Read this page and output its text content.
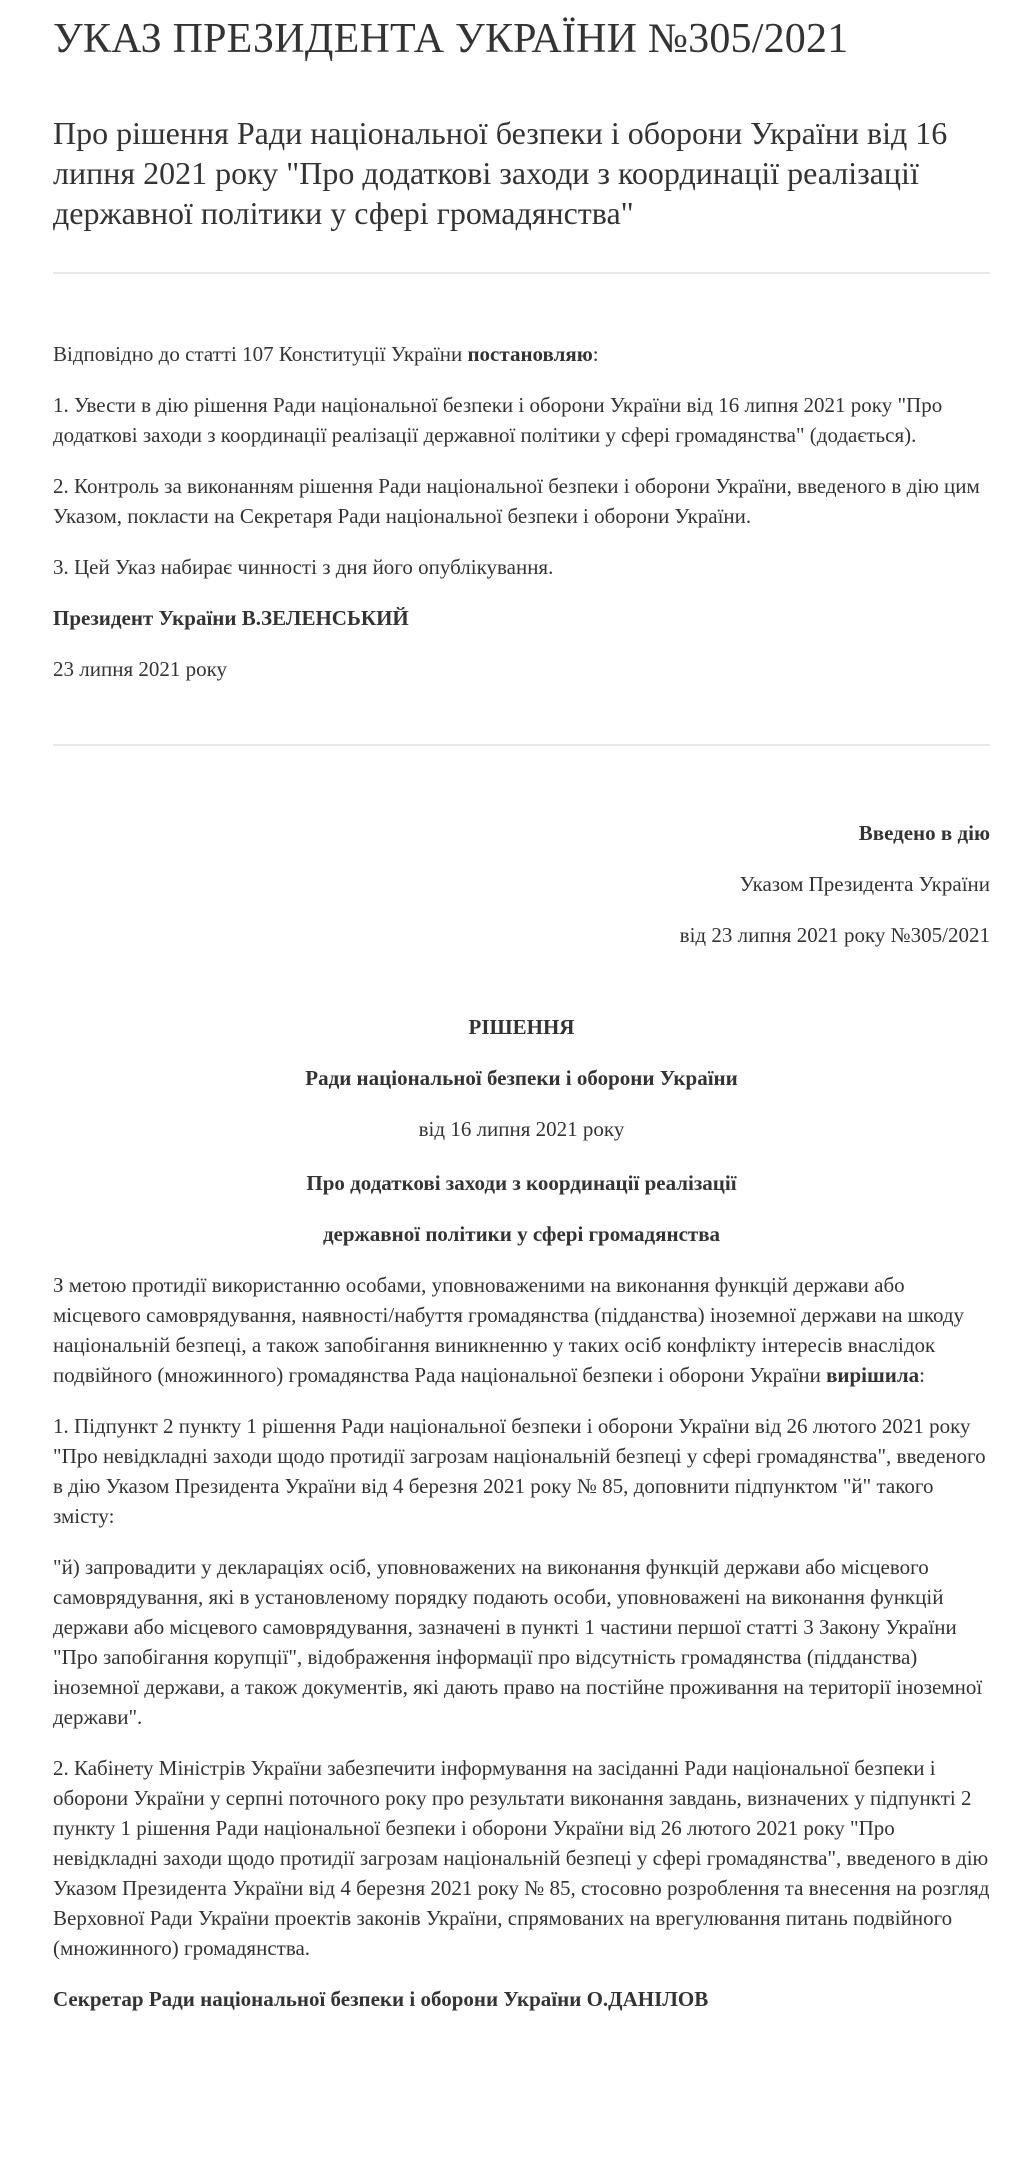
УКАЗ ПРЕЗИДЕНТА УКРАЇНИ №305/2021
Про рішення Ради національної безпеки і оборони України від 16 липня 2021 року "Про додаткові заходи з координації реалізації державної політики у сфері громадянства"

Відповідно до статті 107 Конституції України постановляю:

1. Увести в дію рішення Ради національної безпеки і оборони України від 16 липня 2021 року "Про додаткові заходи з координації реалізації державної політики у сфері громадянства" (додається).

2. Контроль за виконанням рішення Ради національної безпеки і оборони України, введеного в дію цим Указом, покласти на Секретаря Ради національної безпеки і оборони України.

3. Цей Указ набирає чинності з дня його опублікування.

Президент України В.ЗЕЛЕНСЬКИЙ

23 липня 2021 року

Введено в дію

Указом Президента України

від 23 липня 2021 року №305/2021

РІШЕННЯ

Ради національної безпеки і оборони України

від 16 липня 2021 року

Про додаткові заходи з координації реалізації

державної політики у сфері громадянства

З метою протидії використанню особами, уповноваженими на виконання функцій держави або місцевого самоврядування, наявності/набуття громадянства (підданства) іноземної держави на шкоду національній безпеці, а також запобігання виникненню у таких осіб конфлікту інтересів внаслідок подвійного (множинного) громадянства Рада національної безпеки і оборони України вирішила:

1. Підпункт 2 пункту 1 рішення Ради національної безпеки і оборони України від 26 лютого 2021 року "Про невідкладні заходи щодо протидії загрозам національній безпеці у сфері громадянства", введеного в дію Указом Президента України від 4 березня 2021 року № 85, доповнити підпунктом "й" такого змісту:

"й) запровадити у деклараціях осіб, уповноважених на виконання функцій держави або місцевого самоврядування, які в установленому порядку подають особи, уповноважені на виконання функцій держави або місцевого самоврядування, зазначені в пункті 1 частини першої статті 3 Закону України "Про запобігання корупції", відображення інформації про відсутність громадянства (підданства) іноземної держави, а також документів, які дають право на постійне проживання на території іноземної держави".

2. Кабінету Міністрів України забезпечити інформування на засіданні Ради національної безпеки і оборони України у серпні поточного року про результати виконання завдань, визначених у підпункті 2 пункту 1 рішення Ради національної безпеки і оборони України від 26 лютого 2021 року "Про невідкладні заходи щодо протидії загрозам національній безпеці у сфері громадянства", введеного в дію Указом Президента України від 4 березня 2021 року № 85, стосовно розроблення та внесення на розгляд Верховної Ради України проектів законів України, спрямованих на врегулювання питань подвійного (множинного) громадянства.

Секретар Ради національної безпеки і оборони України О.ДАНІЛОВ
